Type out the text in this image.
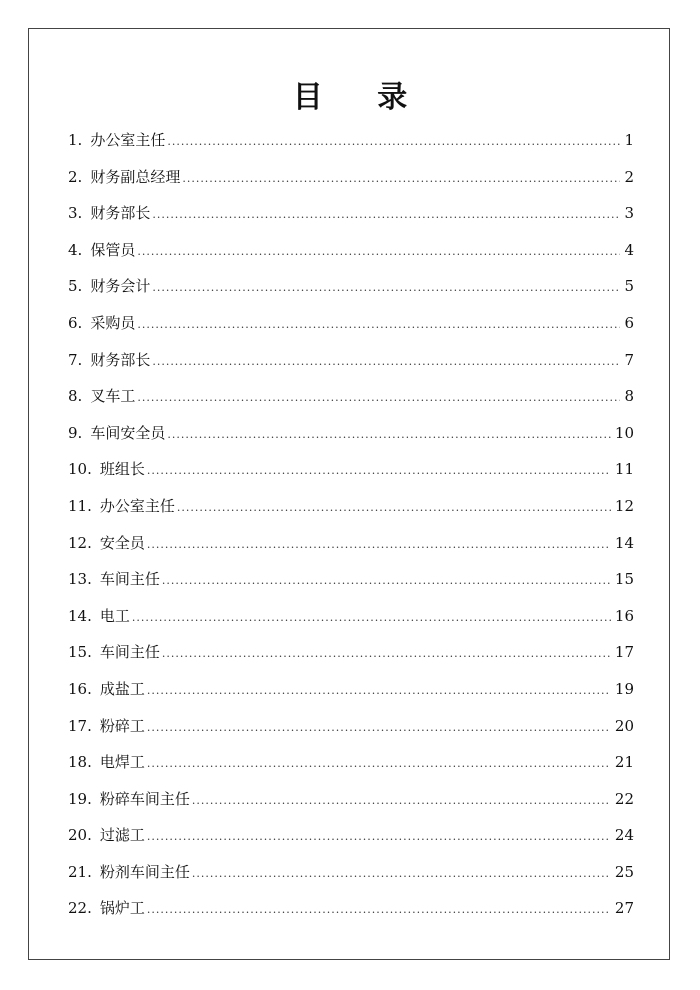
目 录
1. 办公室主任 .....	1
2. 财务副总经理 .....	2
3. 财务部长 .....	3
4. 保管员 .....	4
5. 财务会计 .....	5
6. 采购员 .....	6
7. 财务部长 .....	7
8. 叉车工 .....	8
9. 车间安全员 .....	10
10. 班组长 .....	11
11. 办公室主任 .....	12
12. 安全员 .....	14
13. 车间主任 .....	15
14. 电工 .....	16
15. 车间主任 .....	17
16. 成盐工 .....	19
17. 粉碎工 .....	20
18. 电焊工 .....	21
19. 粉碎车间主任 .....	22
20. 过滤工 .....	24
21. 粉剂车间主任 .....	25
22. 锅炉工 .....	27
